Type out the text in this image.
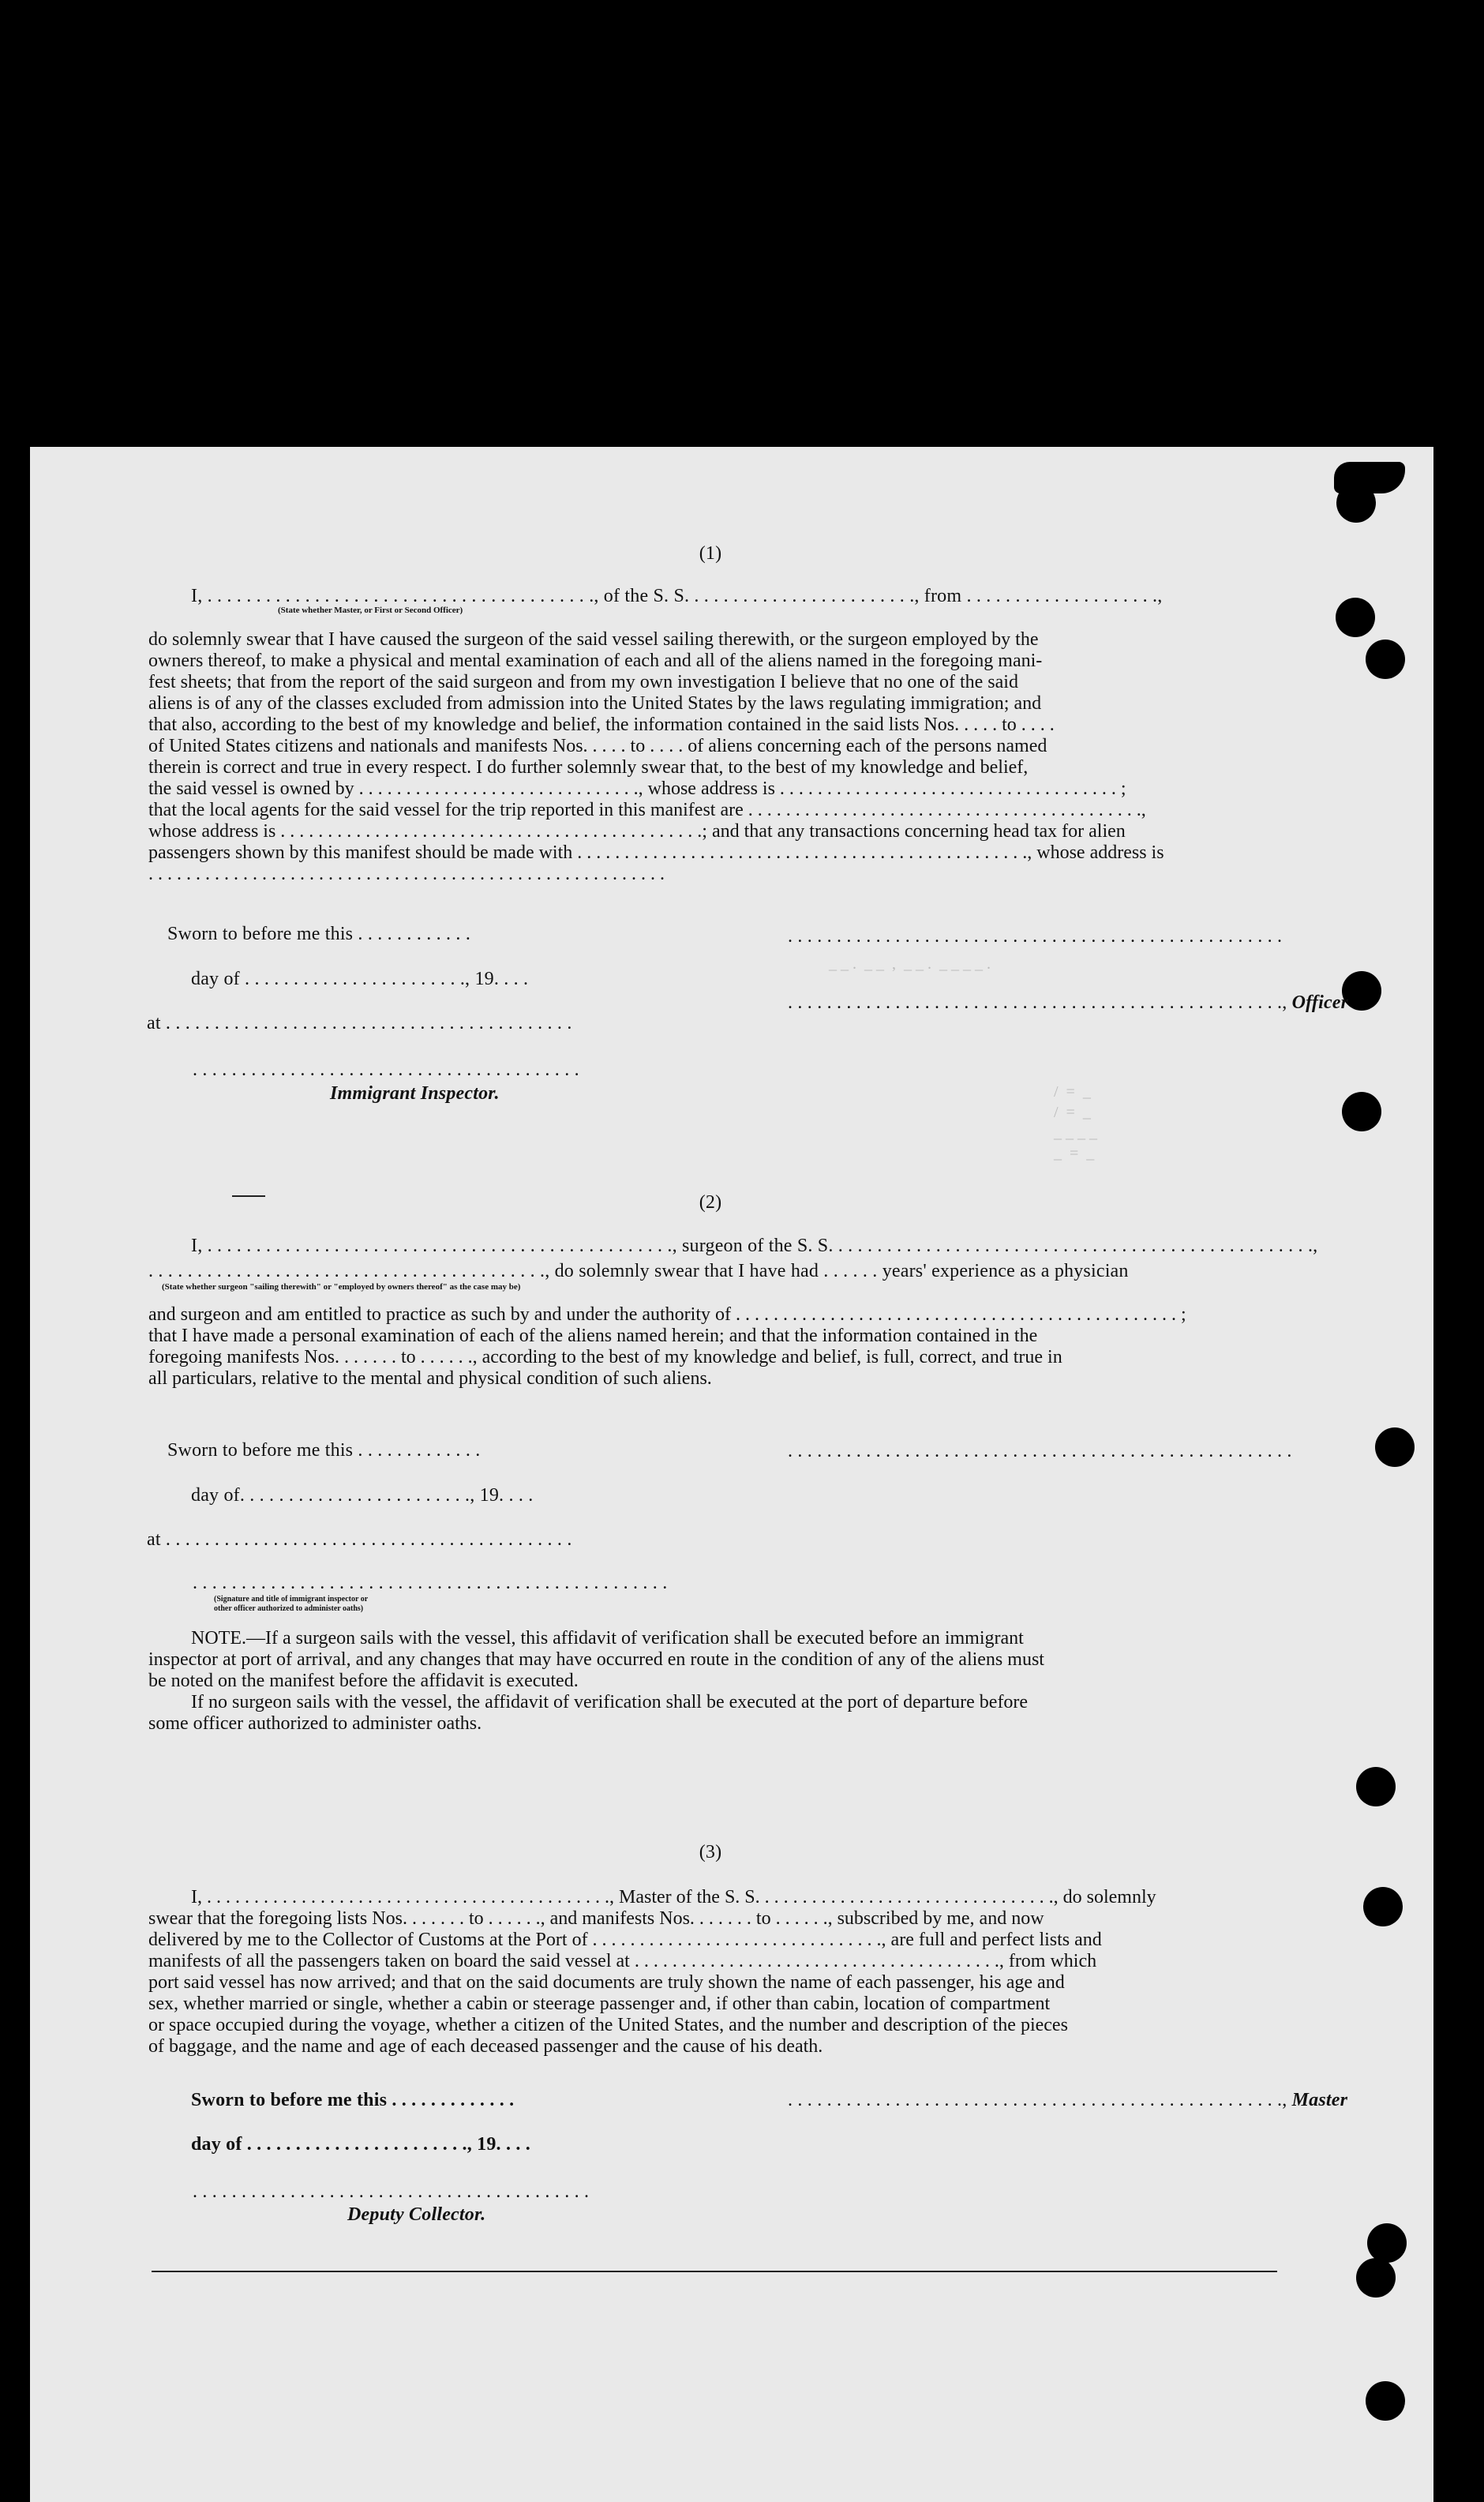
(1)
I, . . . . . . . . . . . . . . . . . . . . . . . . . . . . . . . . . . . . . . . ., of the S. S. . . . . . . . . . . . . . . . . . . . . . . ., from . . . . . . . . . . . . . . . . . . . .,
(State whether Master, or First or Second Officer)
do solemnly swear that I have caused the surgeon of the said vessel sailing therewith, or the surgeon employed by the
owners thereof, to make a physical and mental examination of each and all of the aliens named in the foregoing mani-
fest sheets; that from the report of the said surgeon and from my own investigation I believe that no one of the said
aliens is of any of the classes excluded from admission into the United States by the laws regulating immigration; and
that also, according to the best of my knowledge and belief, the information contained in the said lists Nos. . . . . to . . . .
of United States citizens and nationals and manifests Nos. . . . . to . . . . of aliens concerning each of the persons named
therein is correct and true in every respect. I do further solemnly swear that, to the best of my knowledge and belief,
the said vessel is owned by . . . . . . . . . . . . . . . . . . . . . . . . . . . . . ., whose address is . . . . . . . . . . . . . . . . . . . . . . . . . . . . . . . . . . . . ;
that the local agents for the said vessel for the trip reported in this manifest are . . . . . . . . . . . . . . . . . . . . . . . . . . . . . . . . . . . . . . . . . .,
whose address is . . . . . . . . . . . . . . . . . . . . . . . . . . . . . . . . . . . . . . . . . . . . .; and that any transactions concerning head tax for alien
passengers shown by this manifest should be made with . . . . . . . . . . . . . . . . . . . . . . . . . . . . . . . . . . . . . . . . . . . . . . . ., whose address is
. . . . . . . . . . . . . . . . . . . . . . . . . . . . . . . . . . . . . . . . . . . . . . . . . . . . . . .
Sworn to before me this . . . . . . . . . . . .
day of . . . . . . . . . . . . . . . . . . . . . . ., 19. . . .
at . . . . . . . . . . . . . . . . . . . . . . . . . . . . . . . . . . . . . . . . . .
. . . . . . . . . . . . . . . . . . . . . . . . . . . . . . . . . . . . . . . .
Immigrant Inspector.
. . . . . . . . . . . . . . . . . . . . . . . . . . . . . . . . . . . . . . . . . . . . . . . . . . .
_ _ .  _ _  ,  _ _ .  _ _ _ _ .
. . . . . . . . . . . . . . . . . . . . . . . . . . . . . . . . . . . . . . . . . . . . . . . . . . ., Officer
/  =  _
/  =  _
_ _ _ _
_  =  _
(2)
I, . . . . . . . . . . . . . . . . . . . . . . . . . . . . . . . . . . . . . . . . . . . . . . . ., surgeon of the S. S. . . . . . . . . . . . . . . . . . . . . . . . . . . . . . . . . . . . . . . . . . . . . . . . . .,
. . . . . . . . . . . . . . . . . . . . . . . . . . . . . . . . . . . . . . . . ., do solemnly swear that I have had . . . . . . years' experience as a physician
(State whether surgeon "sailing therewith" or "employed by owners thereof" as the case may be)
and surgeon and am entitled to practice as such by and under the authority of . . . . . . . . . . . . . . . . . . . . . . . . . . . . . . . . . . . . . . . . . . . . . . . ;
that I have made a personal examination of each of the aliens named herein; and that the information contained in the
foregoing manifests Nos. . . . . . . to . . . . . ., according to the best of my knowledge and belief, is full, correct, and true in
all particulars, relative to the mental and physical condition of such aliens.
Sworn to before me this . . . . . . . . . . . . .	. . . . . . . . . . . . . . . . . . . . . . . . . . . . . . . . . . . . . . . . . . . . . . . . . . . .
day of. . . . . . . . . . . . . . . . . . . . . . . ., 19. . . .
at . . . . . . . . . . . . . . . . . . . . . . . . . . . . . . . . . . . . . . . . . .
. . . . . . . . . . . . . . . . . . . . . . . . . . . . . . . . . . . . . . . . . . . . . . . . .
(Signature and title of immigrant inspector or
other officer authorized to administer oaths)
NOTE.—If a surgeon sails with the vessel, this affidavit of verification shall be executed before an immigrant
inspector at port of arrival, and any changes that may have occurred en route in the condition of any of the aliens must
be noted on the manifest before the affidavit is executed.
If no surgeon sails with the vessel, the affidavit of verification shall be executed at the port of departure before
some officer authorized to administer oaths.
(3)
I, . . . . . . . . . . . . . . . . . . . . . . . . . . . . . . . . . . . . . . . . . . ., Master of the S. S. . . . . . . . . . . . . . . . . . . . . . . . . . . . . . . ., do solemnly
swear that the foregoing lists Nos. . . . . . . to . . . . . ., and manifests Nos. . . . . . . to . . . . . ., subscribed by me, and now
delivered by me to the Collector of Customs at the Port of . . . . . . . . . . . . . . . . . . . . . . . . . . . . . . ., are full and perfect lists and
manifests of all the passengers taken on board the said vessel at . . . . . . . . . . . . . . . . . . . . . . . . . . . . . . . . . . . . . . ., from which
port said vessel has now arrived; and that on the said documents are truly shown the name of each passenger, his age and
sex, whether married or single, whether a cabin or steerage passenger and, if other than cabin, location of compartment
or space occupied during the voyage, whether a citizen of the United States, and the number and description of the pieces
of baggage, and the name and age of each deceased passenger and the cause of his death.
Sworn to before me this . . . . . . . . . . . . .	. . . . . . . . . . . . . . . . . . . . . . . . . . . . . . . . . . . . . . . . . . . . . . . . . . ., Master
day of . . . . . . . . . . . . . . . . . . . . . . ., 19. . . .
. . . . . . . . . . . . . . . . . . . . . . . . . . . . . . . . . . . . . . . . .
Deputy Collector.
